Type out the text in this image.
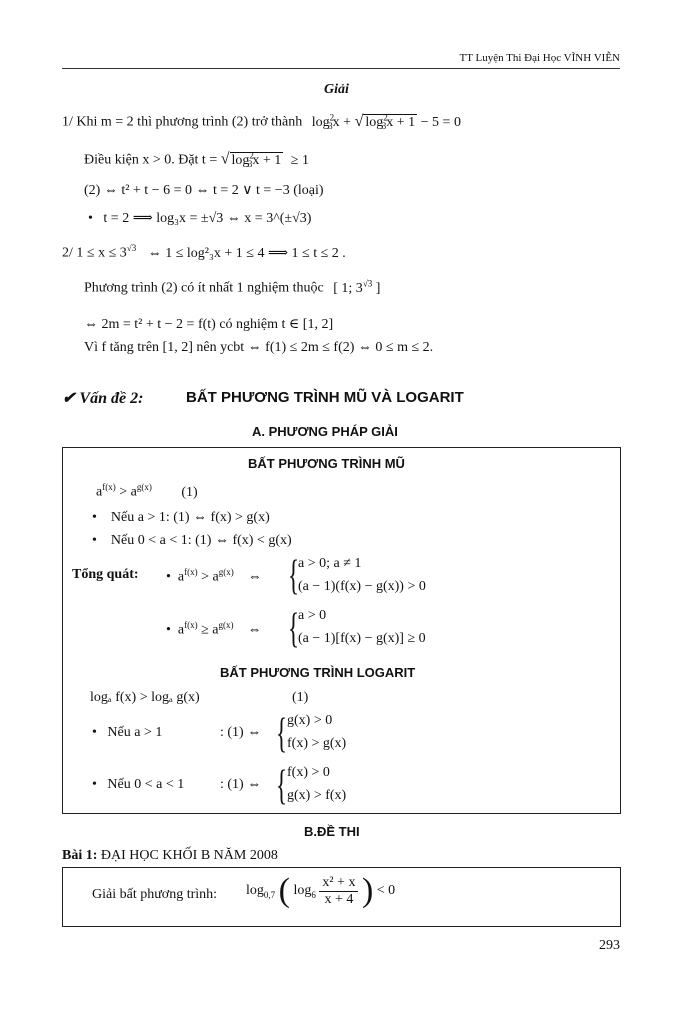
TT Luyện Thi Đại Học VĨNH VIỄN
Giải
1/ Khi m = 2 thì phương trình (2) trở thành $\log^2_3x$ + √ $\log^2_3x + 1 - 5 = 0$
Điều kiện x > 0. Đặt t = √ $\log^2_3x + 1 \ge 1$
(2) ⇔ t² + t − 6 = 0 ⇔ t = 2 ∨ t = −3 (loại)
•   t = 2 ⟹ log₃x = ±√3 ⇔ x = 3^(±√3)
2/ $1 \le x \le 3^{√3}$ ⇔ 1 ≤ log²₃x + 1 ≤ 4 ⟹ 1 ≤ t ≤ 2 .
Phương trình (2) có ít nhất 1 nghiệm thuộc [ 1; $3^{√3}$ ]
⇔ 2m = t² + t − 2 = f(t) có nghiệm t ∈ [1, 2]
Vì f tăng trên [1, 2] nên ycbt ⇔ f(1) ≤ 2m ≤ f(2) ⇔ 0 ≤ m ≤ 2.
✔ Vấn đề 2:	BẤT PHƯƠNG TRÌNH MŨ VÀ LOGARIT
A. PHƯƠNG PHÁP GIẢI
BẤT PHƯƠNG TRÌNH MŨ
$a^{f(x)} > a^{g(x)}$ (1)
•    Nếu a > 1: (1) ⇔ f(x) > g(x)
•    Nếu 0 < a < 1: (1) ⇔ f(x) < g(x)
Tổng quát: •  $a^{f(x)} > a^{g(x)}$    ⇔ {
a > 0; a ≠ 1
(a − 1)(f(x) − g(x)) > 0
•  $a^{f(x)} \ge a^{g(x)}$    ⇔ {
a > 0
(a − 1)[f(x) − g(x)] ≥ 0
BẤT PHƯƠNG TRÌNH LOGARIT
logₐ f(x) > logₐ g(x)	(1)
•   Nếu a > 1	: (1) ⇔ { g(x) > 0
f(x) > g(x)
•   Nếu 0 < a < 1	: (1) ⇔ { f(x) > 0
g(x) > f(x)
B.ĐỀ THI
Bài 1: ĐẠI HỌC KHỐI B NĂM 2008
Giải bất phương trình: $\log_{0,7}$ ( $\log_6 \frac{\text{x² + x}}{x + 4}$ ) < 0
293
